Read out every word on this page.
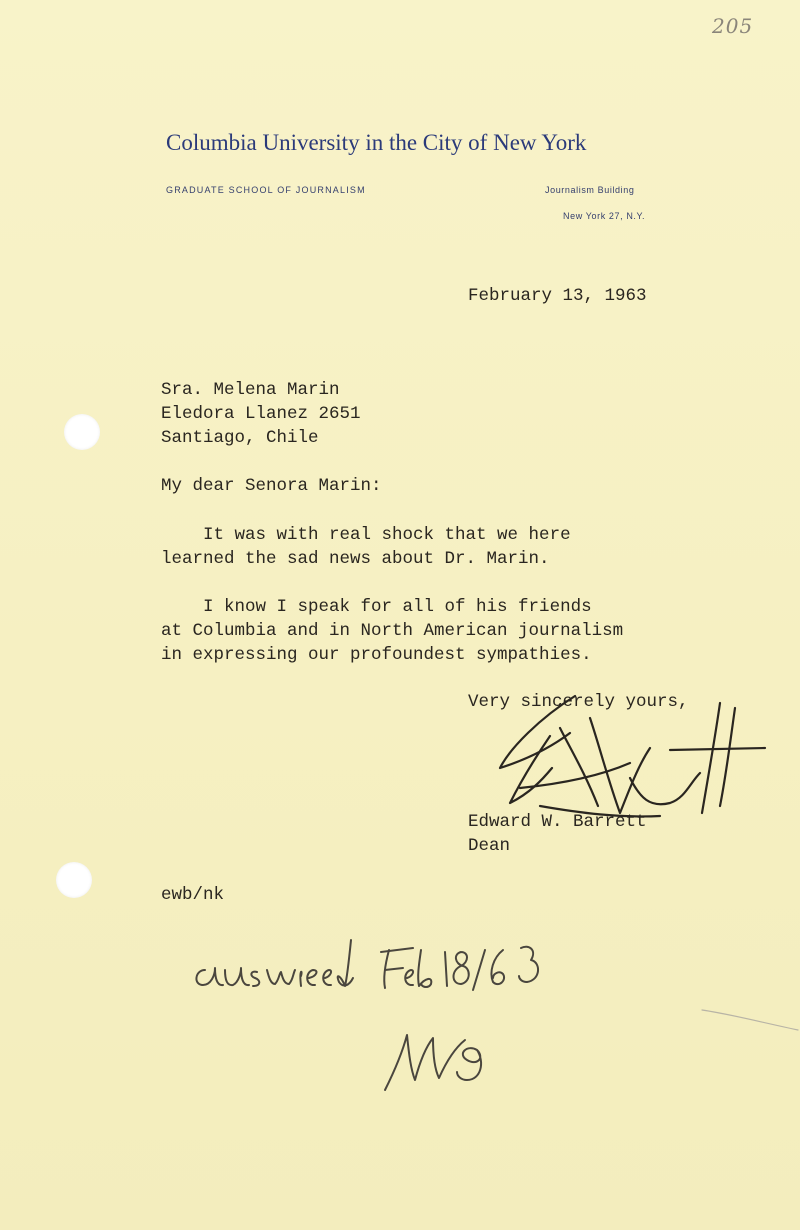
205
Columbia University in the City of New York
GRADUATE SCHOOL OF JOURNALISM	Journalism Building
New York 27, N.Y.
February 13, 1963
Sra. Melena Marin
Eledora Llanez 2651
Santiago, Chile
My dear Senora Marin:
It was with real shock that we here
learned the sad news about Dr. Marin.
I know I speak for all of his friends
at Columbia and in North American journalism
in expressing our profoundest sympathies.
Very sincerely yours,
Edward W. Barrett
Dean
ewb/nk
